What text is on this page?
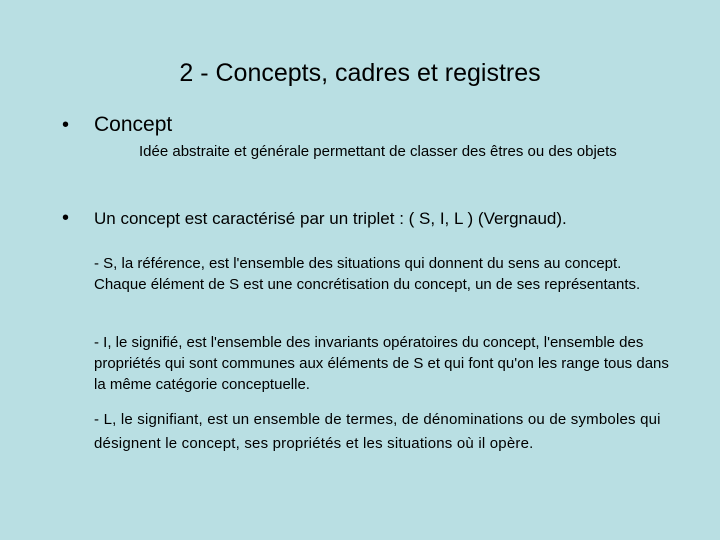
2 - Concepts, cadres et registres
•	Concept
Idée abstraite et générale permettant de classer des êtres ou des objets
•	Un concept est caractérisé par un triplet : ( S, I, L ) (Vergnaud).
- S, la référence, est l'ensemble des situations qui donnent du sens au concept. Chaque élément de S est une concrétisation du concept, un de ses représentants.
- I, le signifié, est l'ensemble des invariants opératoires du concept, l'ensemble des propriétés qui sont communes aux éléments de S et qui font qu'on les range tous dans la même catégorie conceptuelle.
- L, le signifiant, est un ensemble de termes, de dénominations ou de symboles qui désignent le concept, ses propriétés et les situations où il opère.
